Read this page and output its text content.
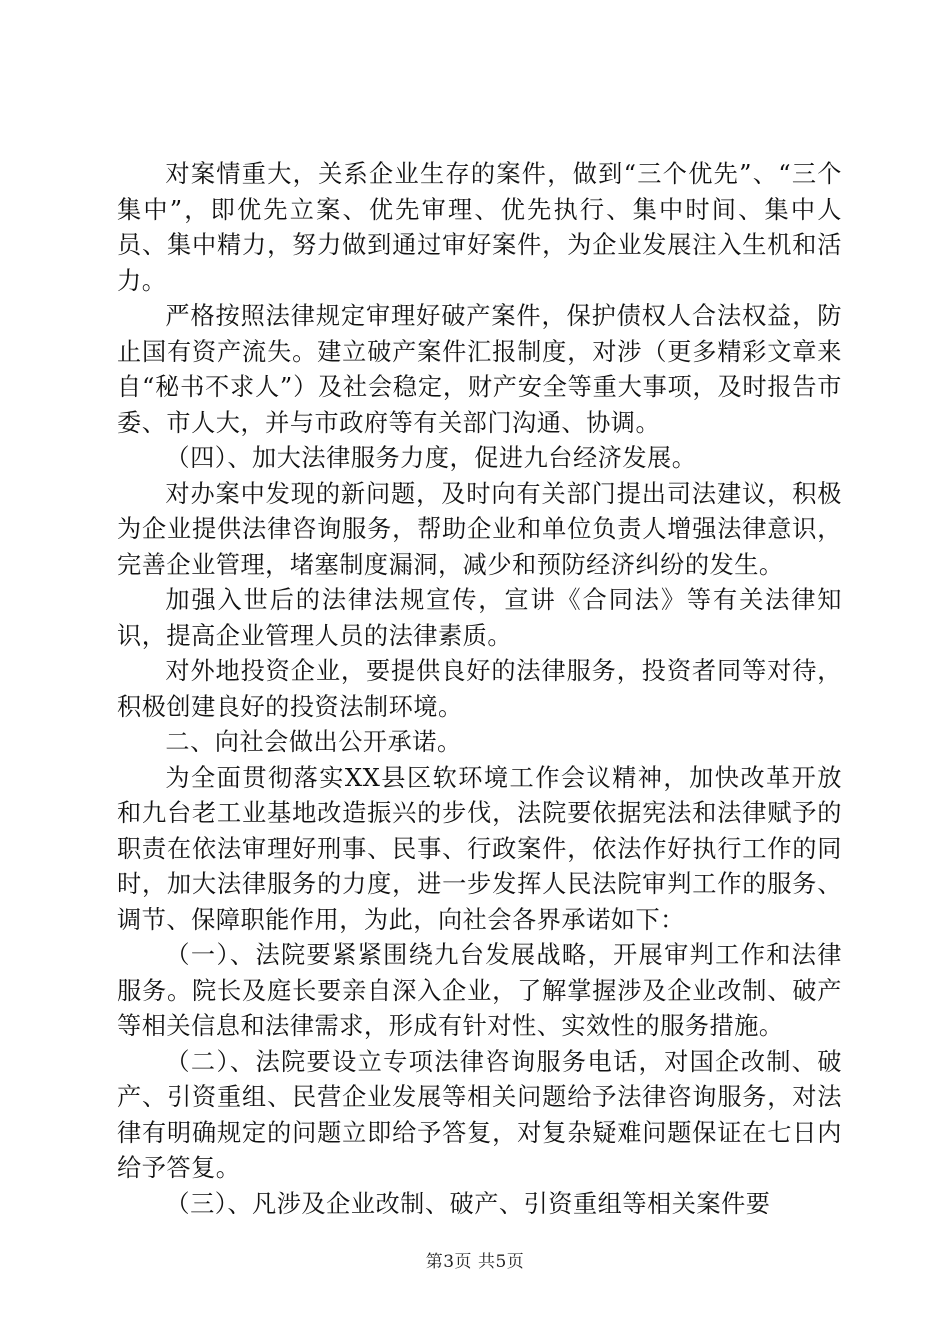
对案情重大，关系企业生存的案件，做到“三个优先”、“三个集中”，即优先立案、优先审理、优先执行、集中时间、集中人员、集中精力，努力做到通过审好案件，为企业发展注入生机和活力。

严格按照法律规定审理好破产案件，保护债权人合法权益，防止国有资产流失。建立破产案件汇报制度，对涉（更多精彩文章来自“秘书不求人”）及社会稳定，财产安全等重大事项，及时报告市委、市人大，并与市政府等有关部门沟通、协调。

（四）、加大法律服务力度，促进九台经济发展。

对办案中发现的新问题，及时向有关部门提出司法建议，积极为企业提供法律咨询服务，帮助企业和单位负责人增强法律意识，完善企业管理，堵塞制度漏洞，减少和预防经济纠纷的发生。

加强入世后的法律法规宣传，宣讲《合同法》等有关法律知识，提高企业管理人员的法律素质。

对外地投资企业，要提供良好的法律服务，投资者同等对待，积极创建良好的投资法制环境。

二、向社会做出公开承诺。

为全面贯彻落实XX县区软环境工作会议精神，加快改革开放和九台老工业基地改造振兴的步伐，法院要依据宪法和法律赋予的职责在依法审理好刑事、民事、行政案件，依法作好执行工作的同时，加大法律服务的力度，进一步发挥人民法院审判工作的服务、调节、保障职能作用，为此，向社会各界承诺如下：

（一）、法院要紧紧围绕九台发展战略，开展审判工作和法律服务。院长及庭长要亲自深入企业，了解掌握涉及企业改制、破产等相关信息和法律需求，形成有针对性、实效性的服务措施。

（二）、法院要设立专项法律咨询服务电话，对国企改制、破产、引资重组、民营企业发展等相关问题给予法律咨询服务，对法律有明确规定的问题立即给予答复，对复杂疑难问题保证在七日内给予答复。

（三）、凡涉及企业改制、破产、引资重组等相关案件要

第3页 共5页
